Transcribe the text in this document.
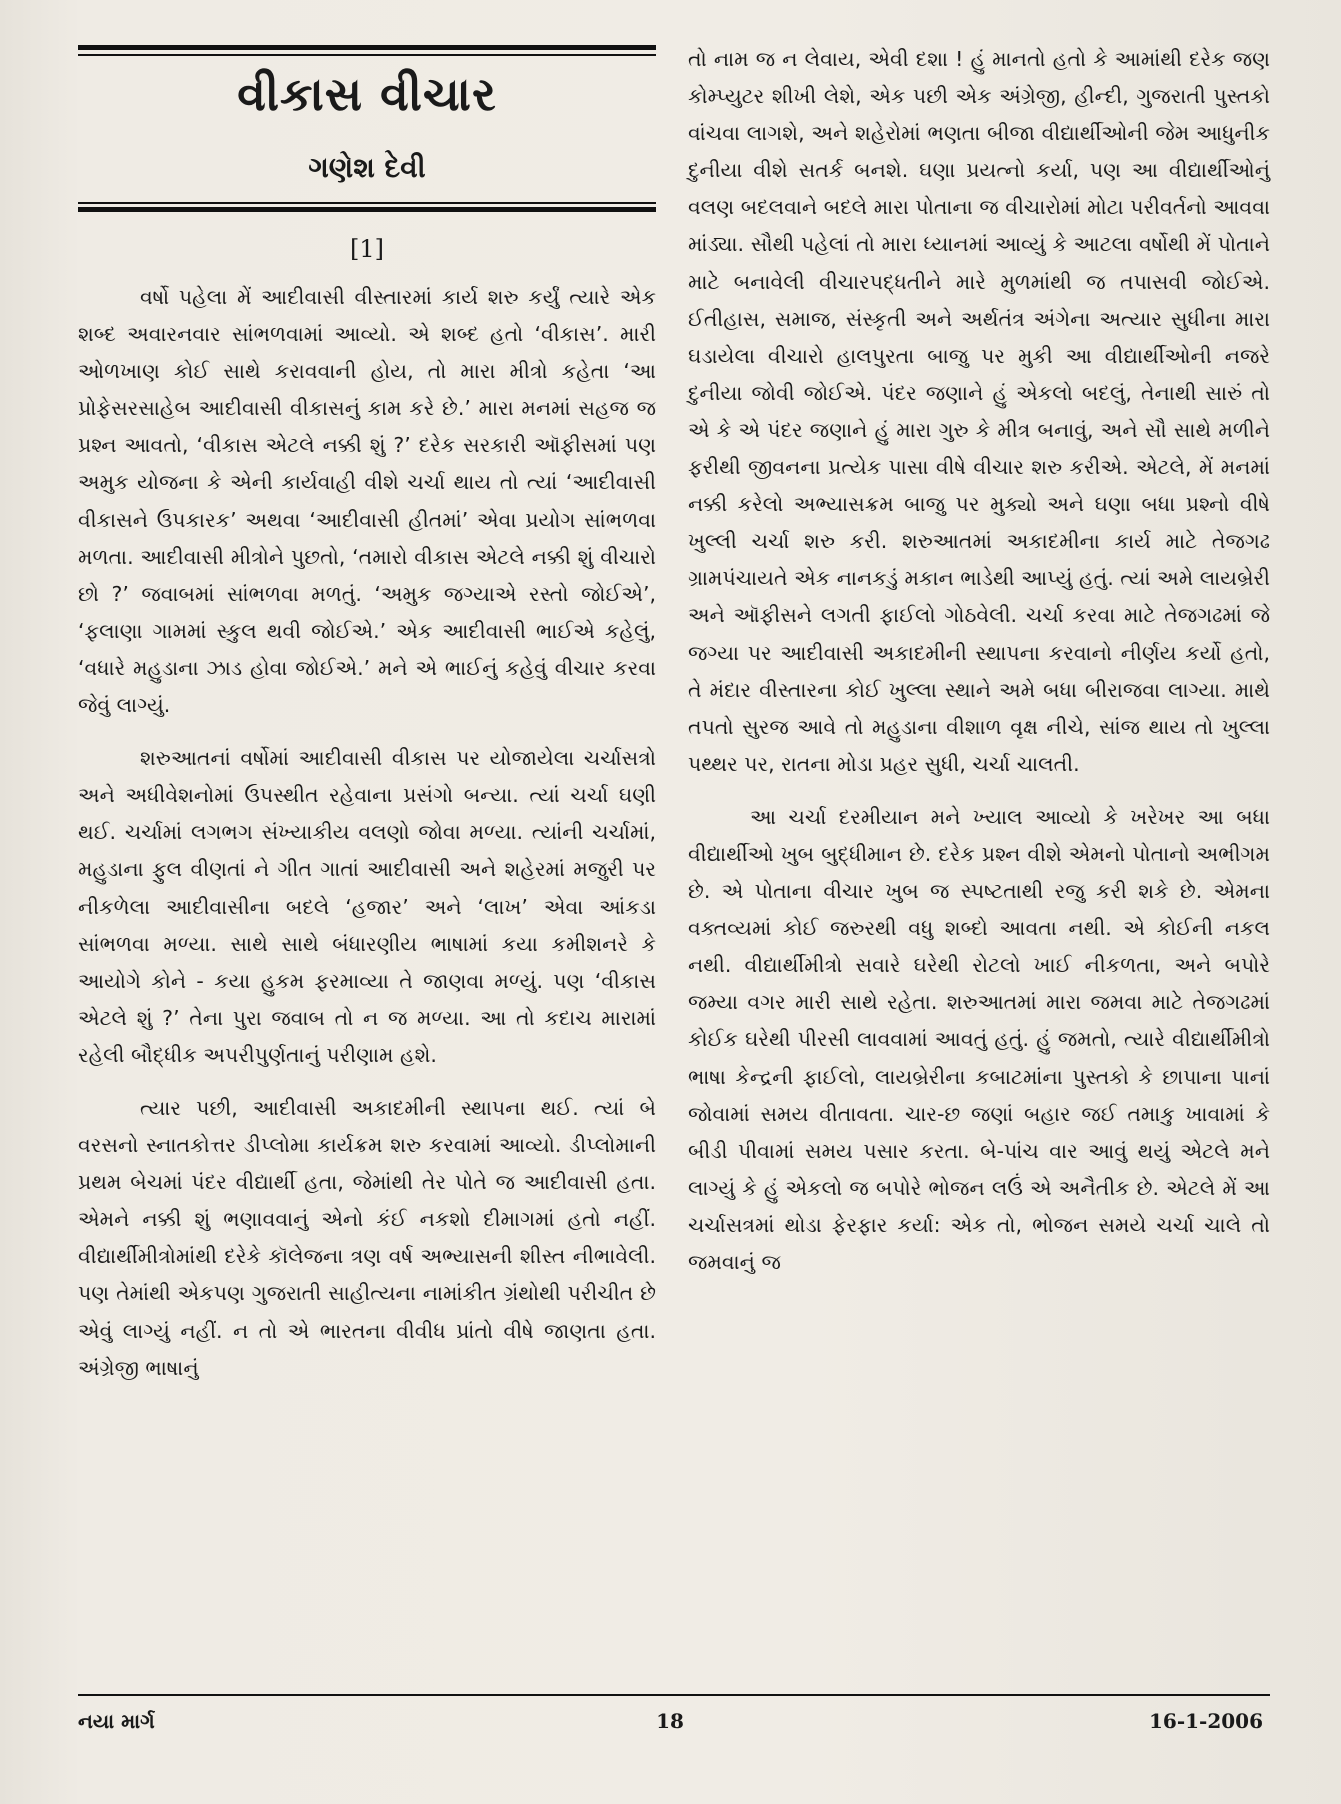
વીકાસ વીચાર
ગણેશ દેવી
[1]

વર્ષો પહેલા મેં આદીવાસી વીસ્તારમાં કાર્ય શરુ કર્યું ત્યારે એક શબ્દ અવારનવાર સાંભળવામાં આવ્યો. એ શબ્દ હતો ‘વીકાસ’. મારી ઓળખાણ કોઈ સાથે કરાવવાની હોય, તો મારા મીત્રો કહેતા ‘આ પ્રોફેસરસાહેબ આદીવાસી વીકાસનું કામ કરે છે.’ મારા મનમાં સહજ જ પ્રશ્ન આવતો, ‘વીકાસ એટલે નક્કી શું ?’ દરેક સરકારી ઑફીસમાં પણ અમુક યોજના કે એની કાર્યવાહી વીશે ચર્ચા થાય તો ત્યાં ‘આદીવાસી વીકાસને ઉપકારક’ અથવા ‘આદીવાસી હીતમાં’ એવા પ્રયોગ સાંભળવા મળતા. આદીવાસી મીત્રોને પુછતો, ‘તમારો વીકાસ એટલે નક્કી શું વીચારો છો ?’ જવાબમાં સાંભળવા મળતું. ‘અમુક જગ્યાએ રસ્તો જોઈએ’, ‘ફલાણા ગામમાં સ્કુલ થવી જોઈએ.’ એક આદીવાસી ભાઈએ કહેલું, ‘વધારે મહુડાના ઝાડ હોવા જોઈએ.’ મને એ ભાઈનું કહેવું વીચાર કરવા જેવું લાગ્યું.

શરુઆતનાં વર્ષોમાં આદીવાસી વીકાસ પર યોજાયેલા ચર્ચાસત્રો અને અધીવેશનોમાં ઉપસ્થીત રહેવાના પ્રસંગો બન્યા. ત્યાં ચર્ચા ઘણી થઈ. ચર્ચામાં લગભગ સંખ્યાકીય વલણો જોવા મળ્યા. ત્યાંની ચર્ચામાં, મહુડાના ફુલ વીણતાં ને ગીત ગાતાં આદીવાસી અને શહેરમાં મજુરી પર નીકળેલા આદીવાસીના બદલે ‘હજાર’ અને ‘લાખ’ એવા આંકડા સાંભળવા મળ્યા. સાથે સાથે બંધારણીય ભાષામાં કયા કમીશનરે કે આયોગે કોને - કયા હુકમ ફરમાવ્યા તે જાણવા મળ્યું. પણ ‘વીકાસ એટલે શું ?’ તેના પુરા જવાબ તો ન જ મળ્યા. આ તો કદાચ મારામાં રહેલી બૌદ્ધીક અપરીપુર્ણતાનું પરીણામ હશે.

ત્યાર પછી, આદીવાસી અકાદમીની સ્થાપના થઈ. ત્યાં બે વરસનો સ્નાતકોત્તર ડીપ્લોમા કાર્યક્રમ શરુ કરવામાં આવ્યો. ડીપ્લોમાની પ્રથમ બેચમાં પંદર વીદ્યાર્થી હતા, જેમાંથી તેર પોતે જ આદીવાસી હતા. એમને નક્કી શું ભણાવવાનું એનો કંઈ નકશો દીમાગમાં હતો નહીં. વીદ્યાર્થીમીત્રોમાંથી દરેકે કૉલેજના ત્રણ વર્ષ અભ્યાસની શીસ્ત નીભાવેલી. પણ તેમાંથી એકપણ ગુજરાતી સાહીત્યના નામાંકીત ગ્રંથોથી પરીચીત છે એવું લાગ્યું નહીં. ન તો એ ભારતના વીવીધ પ્રાંતો વીષે જાણતા હતા. અંગ્રેજી ભાષાનું

તો નામ જ ન લેવાય, એવી દશા ! હું માનતો હતો કે આમાંથી દરેક જણ કોમ્પ્યુટર શીખી લેશે, એક પછી એક અંગ્રેજી, હીન્દી, ગુજરાતી પુસ્તકો વાંચવા લાગશે, અને શહેરોમાં ભણતા બીજા વીદ્યાર્થીઓની જેમ આધુનીક દુનીયા વીશે સતર્ક બનશે. ઘણા પ્રયત્નો કર્યા, પણ આ વીદ્યાર્થીઓનું વલણ બદલવાને બદલે મારા પોતાના જ વીચારોમાં મોટા પરીવર્તનો આવવા માંડ્યા. સૌથી પહેલાં તો મારા ધ્યાનમાં આવ્યું કે આટલા વર્ષોથી મેં પોતાને માટે બનાવેલી વીચારપદ્ધતીને મારે મુળમાંથી જ તપાસવી જોઈએ. ઈતીહાસ, સમાજ, સંસ્કૃતી અને અર્થતંત્ર અંગેના અત્યાર સુધીના મારા ઘડાયેલા વીચારો હાલપુરતા બાજુ પર મુકી આ વીદ્યાર્થીઓની નજરે દુનીયા જોવી જોઈએ. પંદર જણાને હું એકલો બદલું, તેનાથી સારું તો એ કે એ પંદર જણાને હું મારા ગુરુ કે મીત્ર બનાવું, અને સૌ સાથે મળીને ફરીથી જીવનના પ્રત્યેક પાસા વીષે વીચાર શરુ કરીએ. એટલે, મેં મનમાં નક્કી કરેલો અભ્યાસક્રમ બાજુ પર મુક્યો અને ઘણા બધા પ્રશ્નો વીષે ખુલ્લી ચર્ચા શરુ કરી. શરુઆતમાં અકાદમીના કાર્ય માટે તેજગઢ ગ્રામપંચાયતે એક નાનકડું મકાન ભાડેથી આપ્યું હતું. ત્યાં અમે લાયબ્રેરી અને ઑફીસને લગતી ફાઈલો ગોઠવેલી. ચર્ચા કરવા માટે તેજગઢમાં જે જગ્યા પર આદીવાસી અકાદમીની સ્થાપના કરવાનો નીર્ણય કર્યો હતો, તે મંદાર વીસ્તારના કોઈ ખુલ્લા સ્થાને અમે બધા બીરાજવા લાગ્યા. માથે તપતો સુરજ આવે તો મહુડાના વીશાળ વૃક્ષ નીચે, સાંજ થાય તો ખુલ્લા પથ્થર પર, રાતના મોડા પ્રહર સુધી, ચર્ચા ચાલતી.

આ ચર્ચા દરમીયાન મને ખ્યાલ આવ્યો કે ખરેખર આ બધા વીદ્યાર્થીઓ ખુબ બુદ્ધીમાન છે. દરેક પ્રશ્ન વીશે એમનો પોતાનો અભીગમ છે. એ પોતાના વીચાર ખુબ જ સ્પષ્ટતાથી રજુ કરી શકે છે. એમના વક્તવ્યમાં કોઈ જરુરથી વધુ શબ્દો આવતા નથી. એ કોઈની નકલ નથી. વીદ્યાર્થીમીત્રો સવારે ઘરેથી રોટલો ખાઈ નીકળતા, અને બપોરે જમ્યા વગર મારી સાથે રહેતા. શરુઆતમાં મારા જમવા માટે તેજગઢમાં કોઈક ઘરેથી પીરસી લાવવામાં આવતું હતું. હું જમતો, ત્યારે વીદ્યાર્થીમીત્રો ભાષા કેન્દ્રની ફાઈલો, લાયબ્રેરીના કબાટમાંના પુસ્તકો કે છાપાના પાનાં જોવામાં સમય વીતાવતા. ચાર-છ જણાં બહાર જઈ તમાકુ ખાવામાં કે બીડી પીવામાં સમય પસાર કરતા. બે-પાંચ વાર આવું થયું એટલે મને લાગ્યું કે હું એકલો જ બપોરે ભોજન લઉં એ અનૈતીક છે. એટલે મેં આ ચર્ચાસત્રમાં થોડા ફેરફાર કર્યા: એક તો, ભોજન સમયે ચર્ચા ચાલે તો જમવાનું જ

નયા માર્ગ	18	16-1-2006
